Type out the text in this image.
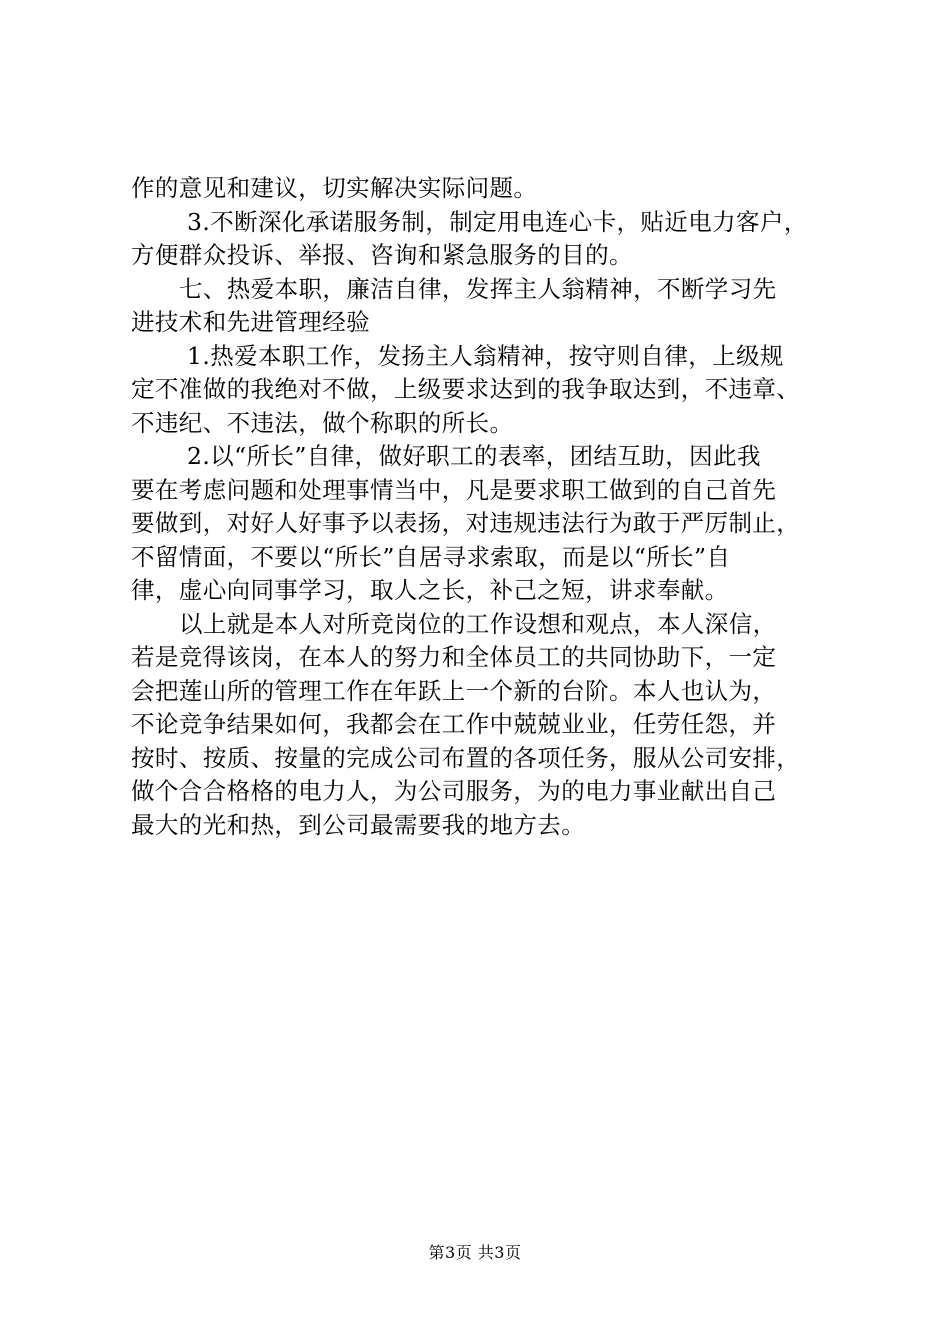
作的意见和建议，切实解决实际问题。
3.不断深化承诺服务制，制定用电连心卡，贴近电力客户，
方便群众投诉、举报、咨询和紧急服务的目的。
七、热爱本职，廉洁自律，发挥主人翁精神，不断学习先
进技术和先进管理经验
1.热爱本职工作，发扬主人翁精神，按守则自律，上级规
定不准做的我绝对不做，上级要求达到的我争取达到，不违章、
不违纪、不违法，做个称职的所长。
2.以“所长”自律，做好职工的表率，团结互助，因此我
要在考虑问题和处理事情当中，凡是要求职工做到的自己首先
要做到，对好人好事予以表扬，对违规违法行为敢于严厉制止，
不留情面，不要以“所长”自居寻求索取，而是以“所长”自
律，虚心向同事学习，取人之长，补己之短，讲求奉献。
以上就是本人对所竞岗位的工作设想和观点，本人深信，
若是竞得该岗，在本人的努力和全体员工的共同协助下，一定
会把莲山所的管理工作在年跃上一个新的台阶。本人也认为，
不论竞争结果如何，我都会在工作中兢兢业业，任劳任怨，并
按时、按质、按量的完成公司布置的各项任务，服从公司安排，
做个合合格格的电力人，为公司服务，为的电力事业献出自己
最大的光和热，到公司最需要我的地方去。
第3页 共3页
